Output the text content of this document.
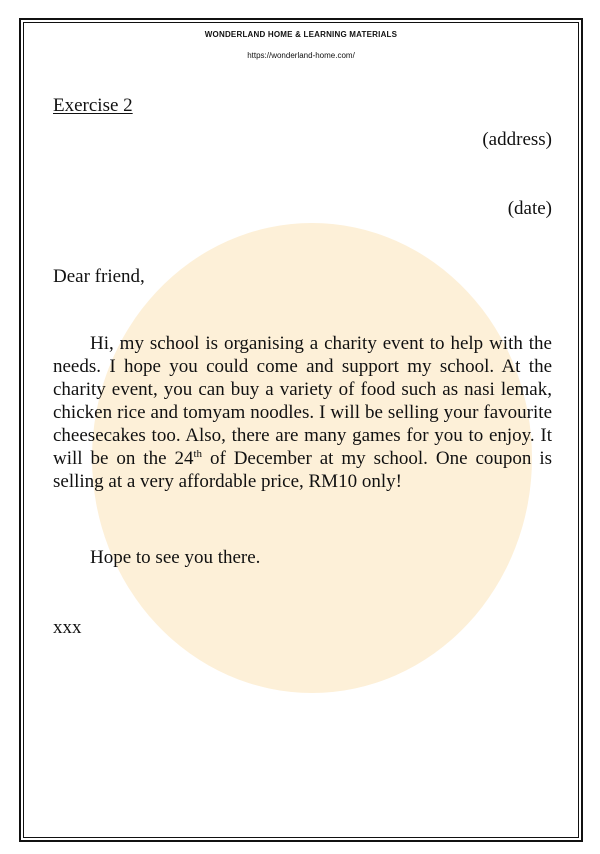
WONDERLAND HOME & LEARNING MATERIALS
https://wonderland-home.com/
Exercise 2
(address)
(date)
Dear friend,

Hi, my school is organising a charity event to help with the needs. I hope you could come and support my school. At the charity event, you can buy a variety of food such as nasi lemak, chicken rice and tomyam noodles. I will be selling your favourite cheesecakes too. Also, there are many games for you to enjoy. It will be on the 24th of December at my school. One coupon is selling at a very affordable price, RM10 only!

Hope to see you there.
xxx
